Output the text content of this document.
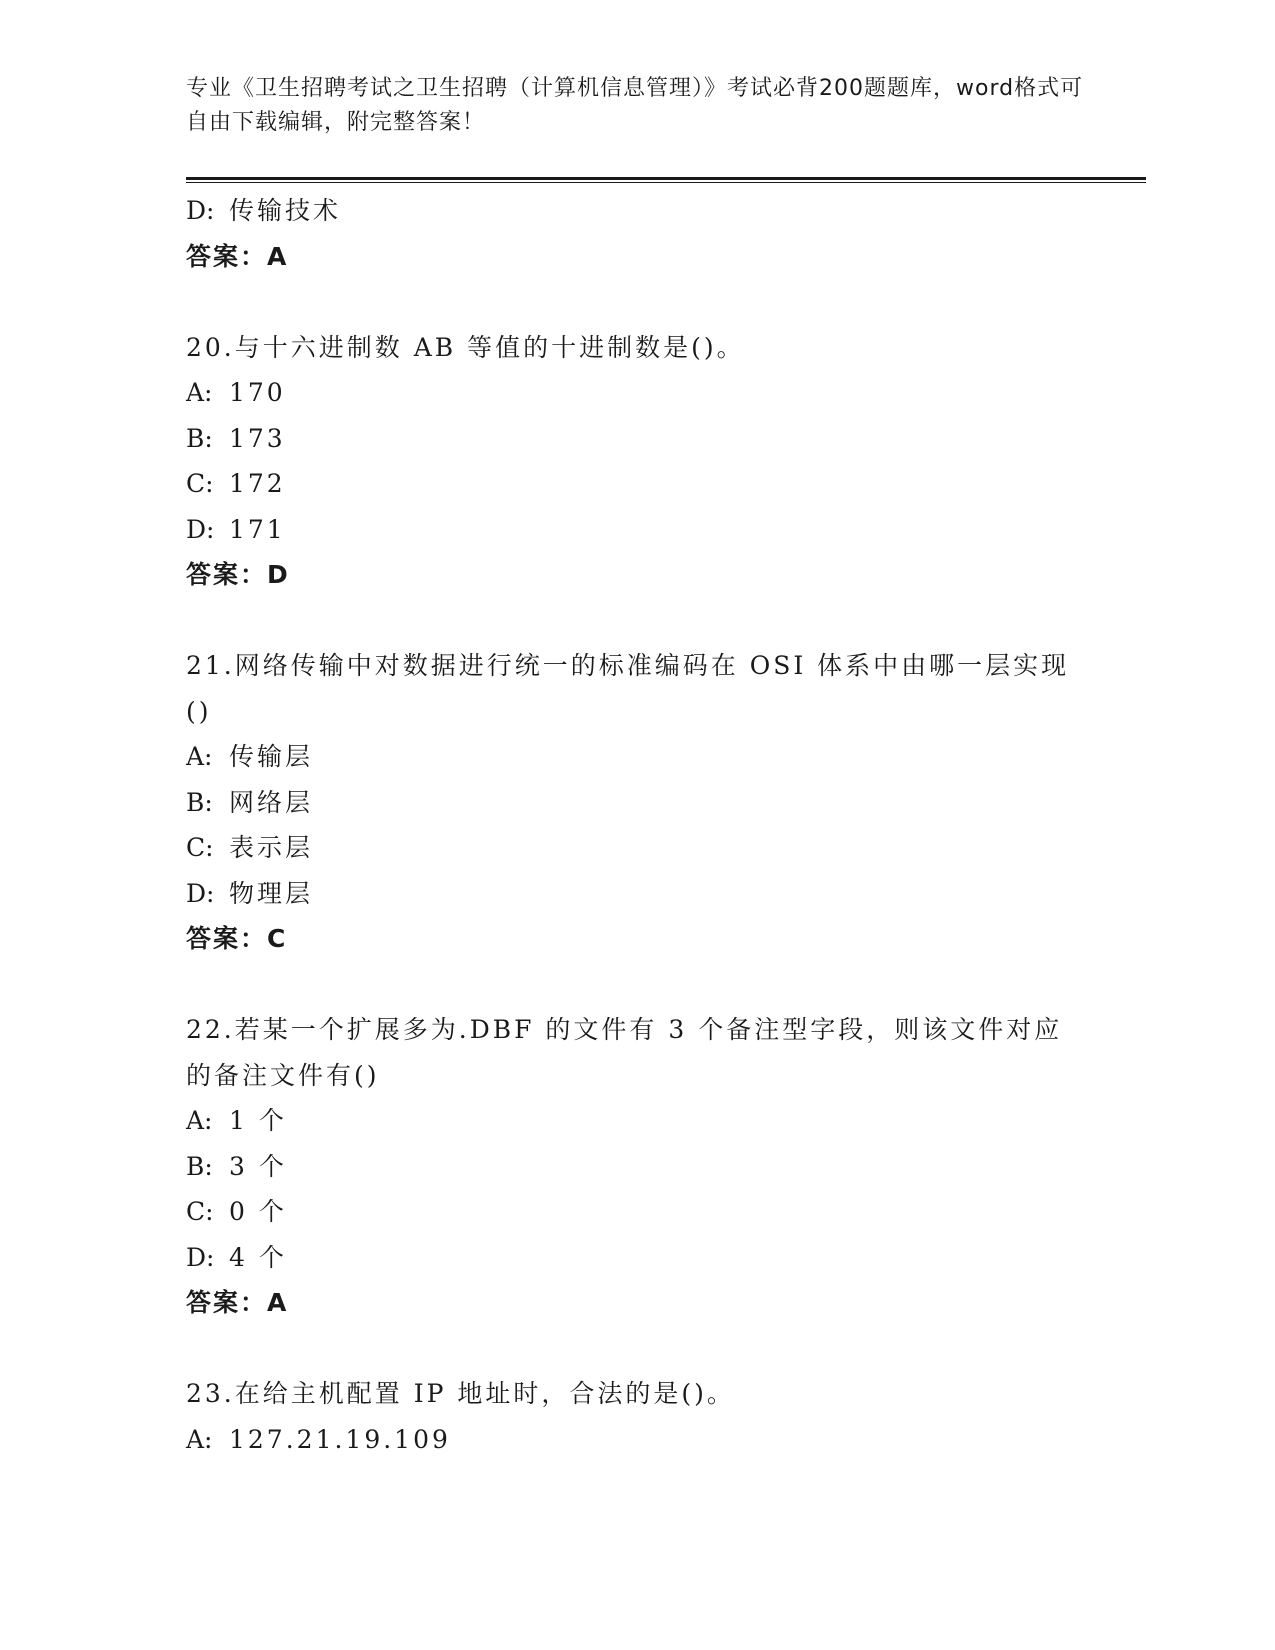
专业《卫生招聘考试之卫生招聘（计算机信息管理）》考试必背200题题库，word格式可自由下载编辑，附完整答案！
D: 传输技术
答案：A
20.与十六进制数 AB 等值的十进制数是()。
A: 170
B: 173
C: 172
D: 171
答案：D
21.网络传输中对数据进行统一的标准编码在 OSI 体系中由哪一层实现()
A: 传输层
B: 网络层
C: 表示层
D: 物理层
答案：C
22.若某一个扩展多为.DBF 的文件有 3 个备注型字段，则该文件对应的备注文件有()
A: 1 个
B: 3 个
C: 0 个
D: 4 个
答案：A
23.在给主机配置 IP 地址时，合法的是()。
A: 127.21.19.109
